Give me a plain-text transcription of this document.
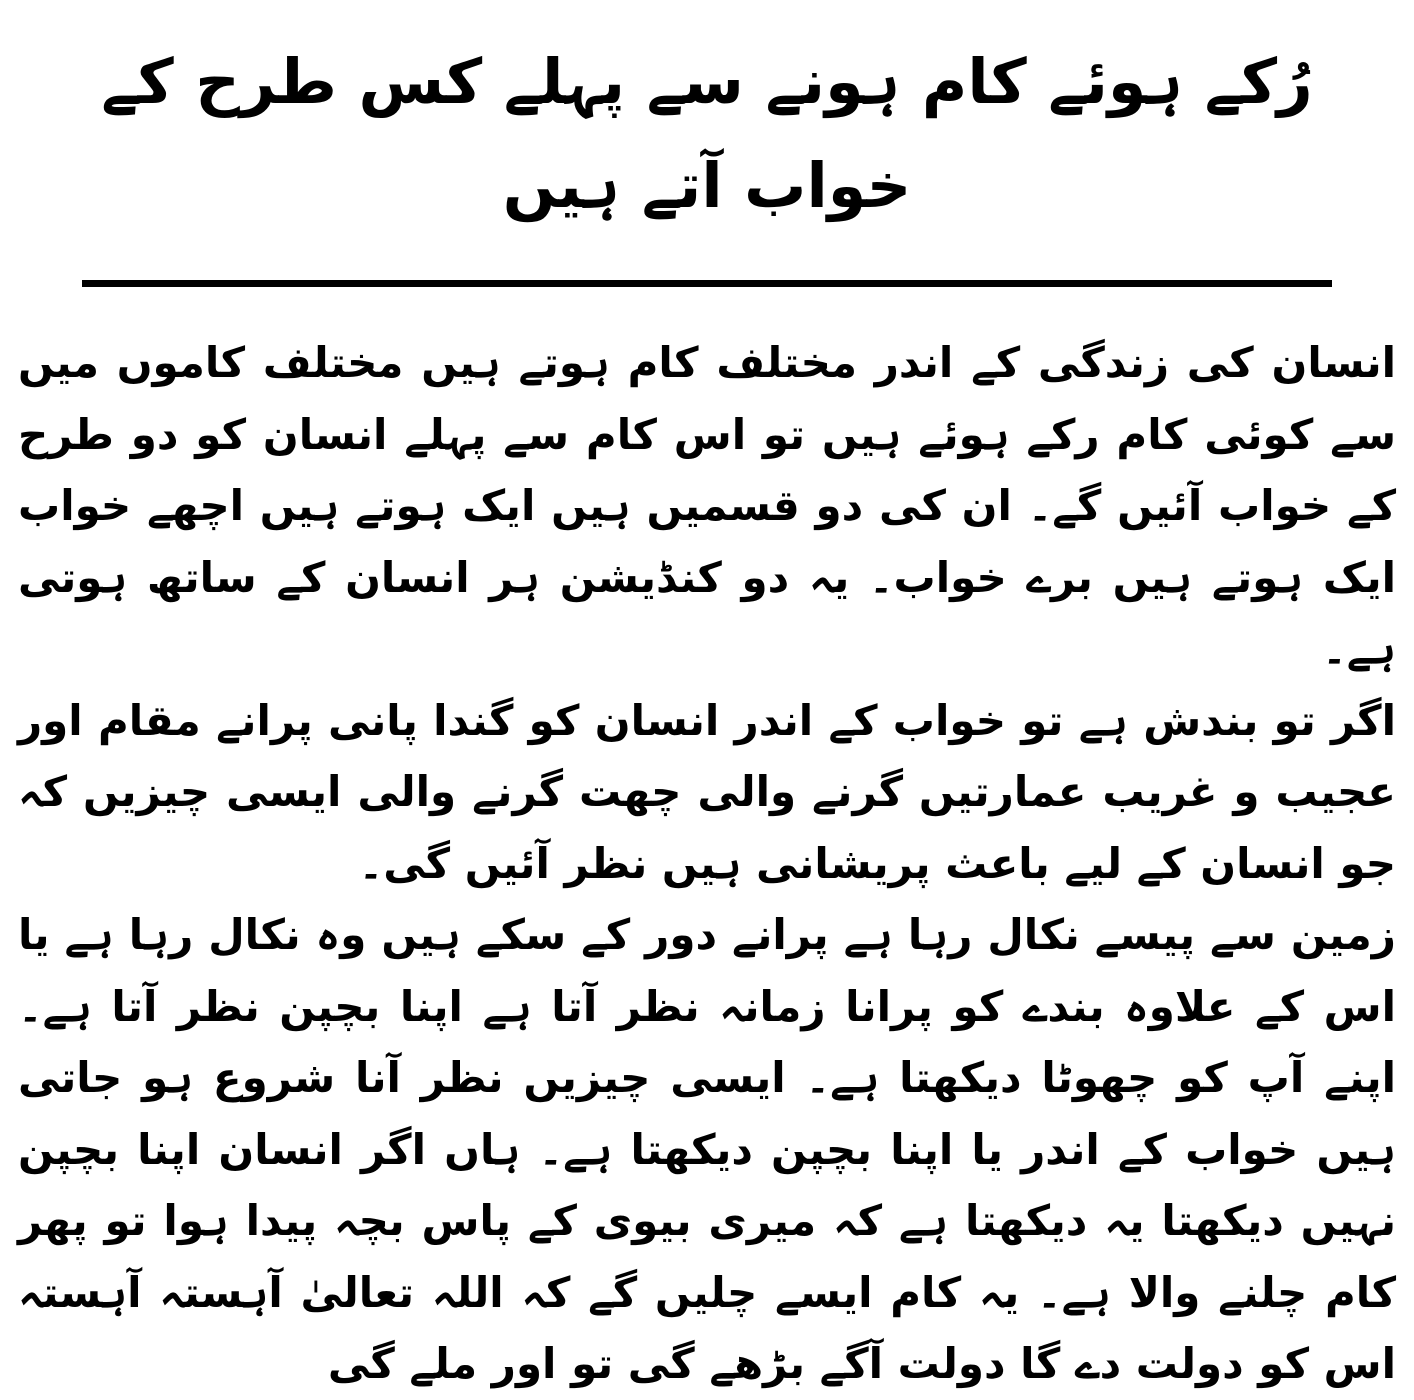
رُکے ہوئے کام ہونے سے پہلے کس طرح کے خواب آتے ہیں

انسان کی زندگی کے اندر مختلف کام ہوتے ہیں مختلف کاموں میں سے کوئی کام رکے ہوئے ہیں تو اس کام سے پہلے انسان کو دو طرح کے خواب آئیں گے۔ ان کی دو قسمیں ہیں ایک ہوتے ہیں اچھے خواب ایک ہوتے ہیں برے خواب۔ یہ دو کنڈیشن ہر انسان کے ساتھ ہوتی ہے۔

اگر تو بندش ہے تو خواب کے اندر انسان کو گندا پانی پرانے مقام اور عجیب و غریب عمارتیں گرنے والی چھت گرنے والی ایسی چیزیں کہ جو انسان کے لیے باعث پریشانی ہیں نظر آئیں گی۔

زمین سے پیسے نکال رہا ہے پرانے دور کے سکے ہیں وہ نکال رہا ہے یا اس کے علاوہ بندے کو پرانا زمانہ نظر آتا ہے اپنا بچپن نظر آتا ہے۔ اپنے آپ کو چھوٹا دیکھتا ہے۔ ایسی چیزیں نظر آنا شروع ہو جاتی ہیں خواب کے اندر یا اپنا بچپن دیکھتا ہے۔ ہاں اگر انسان اپنا بچپن نہیں دیکھتا یہ دیکھتا ہے کہ میری بیوی کے پاس بچہ پیدا ہوا تو پھر کام چلنے والا ہے۔ یہ کام ایسے چلیں گے کہ اللہ تعالیٰ آہستہ آہستہ اس کو دولت دے گا دولت آگے بڑھے گی تو اور ملے گی
